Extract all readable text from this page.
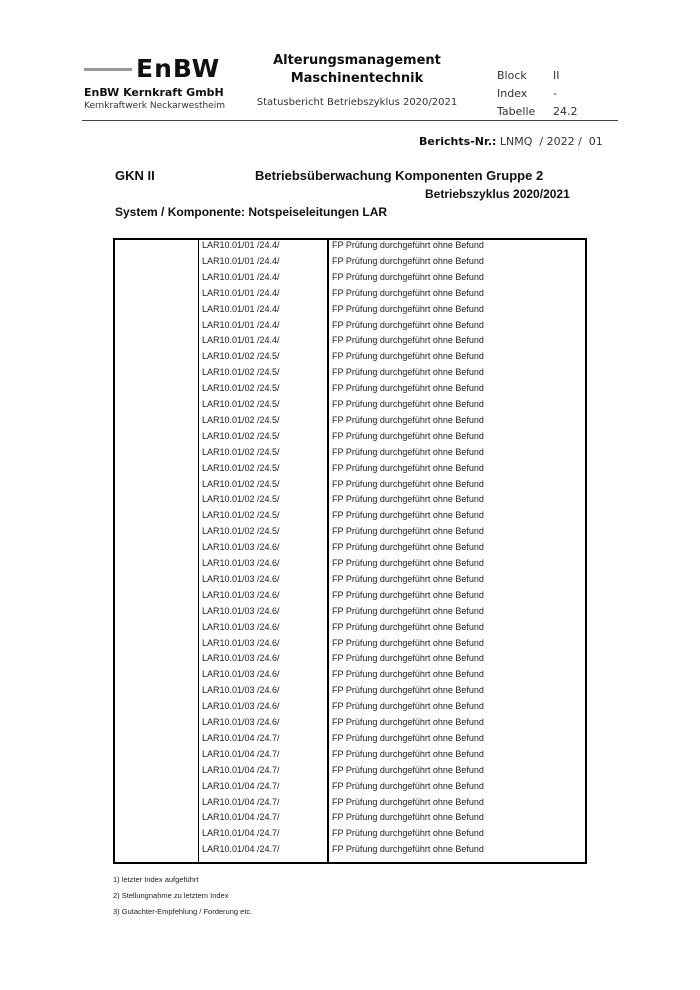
EnBW
EnBW Kernkraft GmbH
Kernkraftwerk Neckarwestheim
Alterungsmanagement
Maschinentechnik
Statusbericht Betriebszyklus 2020/2021
Block II
Index -
Tabelle 24.2
Berichts-Nr.: LNMQ  / 2022 /  01
GKN II	Betriebsüberwachung Komponenten Gruppe 2
Betriebszyklus 2020/2021
System / Komponente: Notspeiseleitungen LAR
LAR10.01/01 /24.4/	FP Prüfung durchgeführt ohne Befund
LAR10.01/01 /24.4/	FP Prüfung durchgeführt ohne Befund
LAR10.01/01 /24.4/	FP Prüfung durchgeführt ohne Befund
LAR10.01/01 /24.4/	FP Prüfung durchgeführt ohne Befund
LAR10.01/01 /24.4/	FP Prüfung durchgeführt ohne Befund
LAR10.01/01 /24.4/	FP Prüfung durchgeführt ohne Befund
LAR10.01/01 /24.4/	FP Prüfung durchgeführt ohne Befund
LAR10.01/02 /24.5/	FP Prüfung durchgeführt ohne Befund
LAR10.01/02 /24.5/	FP Prüfung durchgeführt ohne Befund
LAR10.01/02 /24.5/	FP Prüfung durchgeführt ohne Befund
LAR10.01/02 /24.5/	FP Prüfung durchgeführt ohne Befund
LAR10.01/02 /24.5/	FP Prüfung durchgeführt ohne Befund
LAR10.01/02 /24.5/	FP Prüfung durchgeführt ohne Befund
LAR10.01/02 /24.5/	FP Prüfung durchgeführt ohne Befund
LAR10.01/02 /24.5/	FP Prüfung durchgeführt ohne Befund
LAR10.01/02 /24.5/	FP Prüfung durchgeführt ohne Befund
LAR10.01/02 /24.5/	FP Prüfung durchgeführt ohne Befund
LAR10.01/02 /24.5/	FP Prüfung durchgeführt ohne Befund
LAR10.01/02 /24.5/	FP Prüfung durchgeführt ohne Befund
LAR10.01/03 /24.6/	FP Prüfung durchgeführt ohne Befund
LAR10.01/03 /24.6/	FP Prüfung durchgeführt ohne Befund
LAR10.01/03 /24.6/	FP Prüfung durchgeführt ohne Befund
LAR10.01/03 /24.6/	FP Prüfung durchgeführt ohne Befund
LAR10.01/03 /24.6/	FP Prüfung durchgeführt ohne Befund
LAR10.01/03 /24.6/	FP Prüfung durchgeführt ohne Befund
LAR10.01/03 /24.6/	FP Prüfung durchgeführt ohne Befund
LAR10.01/03 /24.6/	FP Prüfung durchgeführt ohne Befund
LAR10.01/03 /24.6/	FP Prüfung durchgeführt ohne Befund
LAR10.01/03 /24.6/	FP Prüfung durchgeführt ohne Befund
LAR10.01/03 /24.6/	FP Prüfung durchgeführt ohne Befund
LAR10.01/03 /24.6/	FP Prüfung durchgeführt ohne Befund
LAR10.01/04 /24.7/	FP Prüfung durchgeführt ohne Befund
LAR10.01/04 /24.7/	FP Prüfung durchgeführt ohne Befund
LAR10.01/04 /24.7/	FP Prüfung durchgeführt ohne Befund
LAR10.01/04 /24.7/	FP Prüfung durchgeführt ohne Befund
LAR10.01/04 /24.7/	FP Prüfung durchgeführt ohne Befund
LAR10.01/04 /24.7/	FP Prüfung durchgeführt ohne Befund
LAR10.01/04 /24.7/	FP Prüfung durchgeführt ohne Befund
LAR10.01/04 /24.7/	FP Prüfung durchgeführt ohne Befund
1) letzter Index aufgeführt
2) Stellungnahme zu letztem Index
3) Gutachter-Empfehlung / Forderung etc.
